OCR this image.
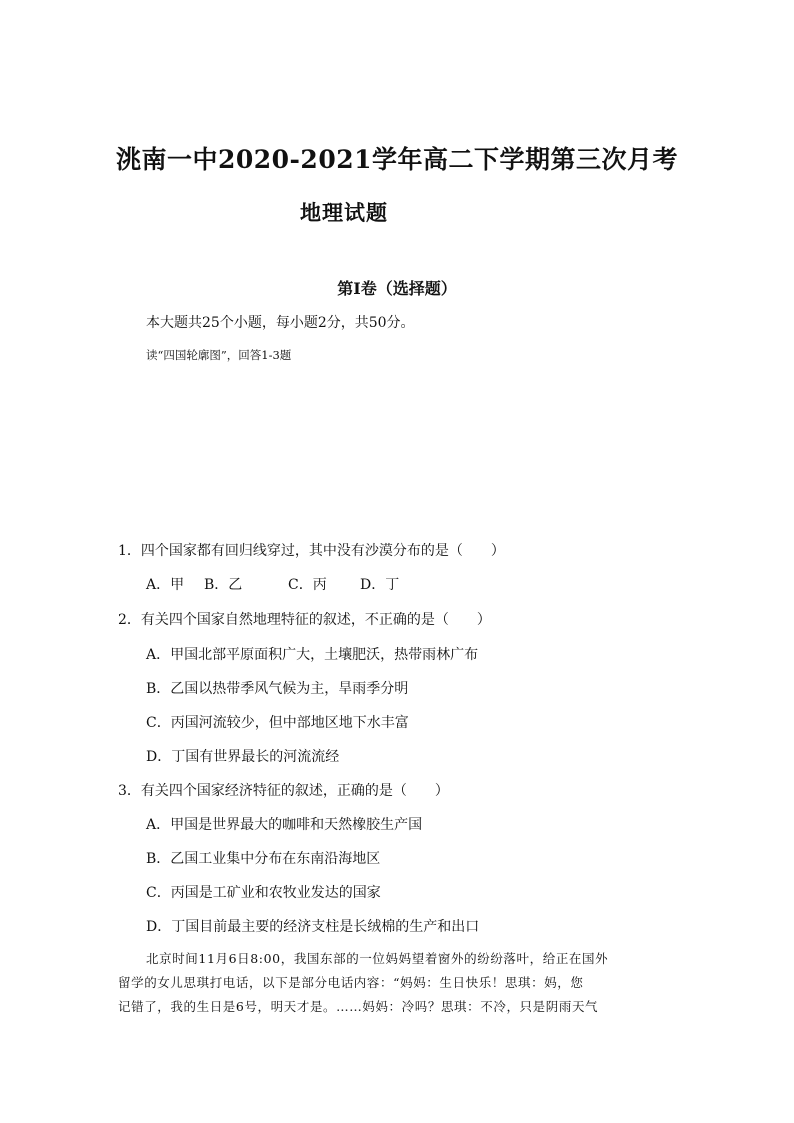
洮南一中2020-2021学年高二下学期第三次月考
地理试题
第Ⅰ卷（选择题）
本大题共25个小题，每小题2分，共50分。
读“四国轮廓图”，回答1-3题
1．四个国家都有回归线穿过，其中没有沙漠分布的是（　　）
A．甲 B．乙	C．丙 D．丁
2．有关四个国家自然地理特征的叙述，不正确的是（　　）
A．甲国北部平原面积广大，土壤肥沃，热带雨林广布
B．乙国以热带季风气候为主，旱雨季分明
C．丙国河流较少，但中部地区地下水丰富
D．丁国有世界最长的河流流经
3．有关四个国家经济特征的叙述，正确的是（　　）
A．甲国是世界最大的咖啡和天然橡胶生产国
B．乙国工业集中分布在东南沿海地区
C．丙国是工矿业和农牧业发达的国家
D．丁国目前最主要的经济支柱是长绒棉的生产和出口
北京时间11月6日8:00，我国东部的一位妈妈望着窗外的纷纷落叶，给正在国外
留学的女儿思琪打电话，以下是部分电话内容：“妈妈：生日快乐！思琪：妈，您
记错了，我的生日是6号，明天才是。……妈妈：冷吗？思琪：不冷，只是阴雨天气
